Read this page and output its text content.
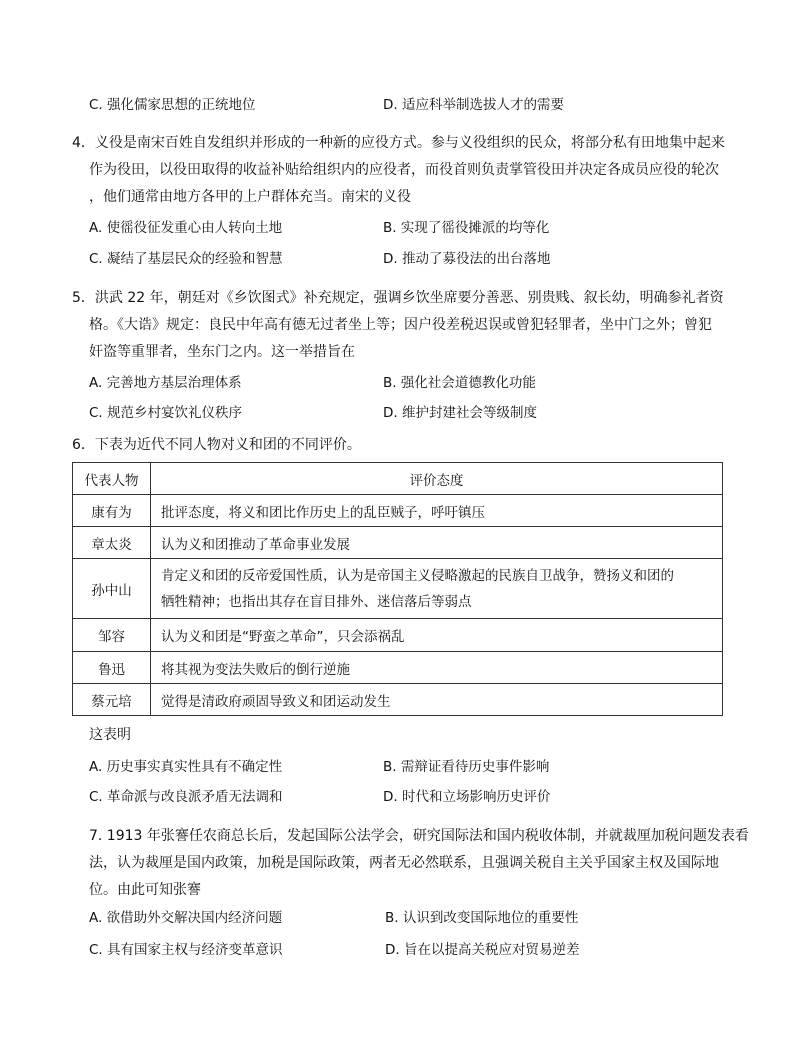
C. 强化儒家思想的正统地位	D. 适应科举制选拔人才的需要
4．义役是南宋百姓自发组织并形成的一种新的应役方式。参与义役组织的民众，将部分私有田地集中起来
作为役田，以役田取得的收益补贴给组织内的应役者，而役首则负责掌管役田并决定各成员应役的轮次
，他们通常由地方各甲的上户群体充当。南宋的义役
A. 使徭役征发重心由人转向土地	B. 实现了徭役摊派的均等化
C. 凝结了基层民众的经验和智慧	D. 推动了募役法的出台落地
5．洪武 22 年，朝廷对《乡饮图式》补充规定，强调乡饮坐席要分善恶、别贵贱、叙长幼，明确参礼者资
格。《大诰》规定：良民中年高有德无过者坐上等；因户役差税迟误或曾犯轻罪者，坐中门之外；曾犯
奸盗等重罪者，坐东门之内。这一举措旨在
A. 完善地方基层治理体系	B. 强化社会道德教化功能
C. 规范乡村宴饮礼仪秩序	D. 维护封建社会等级制度
6．下表为近代不同人物对义和团的不同评价。
代表人物	评价态度
康有为	批评态度，将义和团比作历史上的乱臣贼子，呼吁镇压
章太炎	认为义和团推动了革命事业发展
孙中山	肯定义和团的反帝爱国性质，认为是帝国主义侵略激起的民族自卫战争，赞扬义和团的
牺牲精神；也指出其存在盲目排外、迷信落后等弱点

邹容	认为义和团是“野蛮之革命”，只会添祸乱
鲁迅	将其视为变法失败后的倒行逆施
蔡元培	觉得是清政府顽固导致义和团运动发生
这表明
A. 历史事实真实性具有不确定性	B. 需辩证看待历史事件影响
C. 革命派与改良派矛盾无法调和	D. 时代和立场影响历史评价
7. 1913 年张謇任农商总长后，发起国际公法学会，研究国际法和国内税收体制，并就裁厘加税问题发表看
法，认为裁厘是国内政策，加税是国际政策，两者无必然联系，且强调关税自主关乎国家主权及国际地
位。由此可知张謇
A. 欲借助外交解决国内经济问题	B. 认识到改变国际地位的重要性
C. 具有国家主权与经济变革意识	D. 旨在以提高关税应对贸易逆差
